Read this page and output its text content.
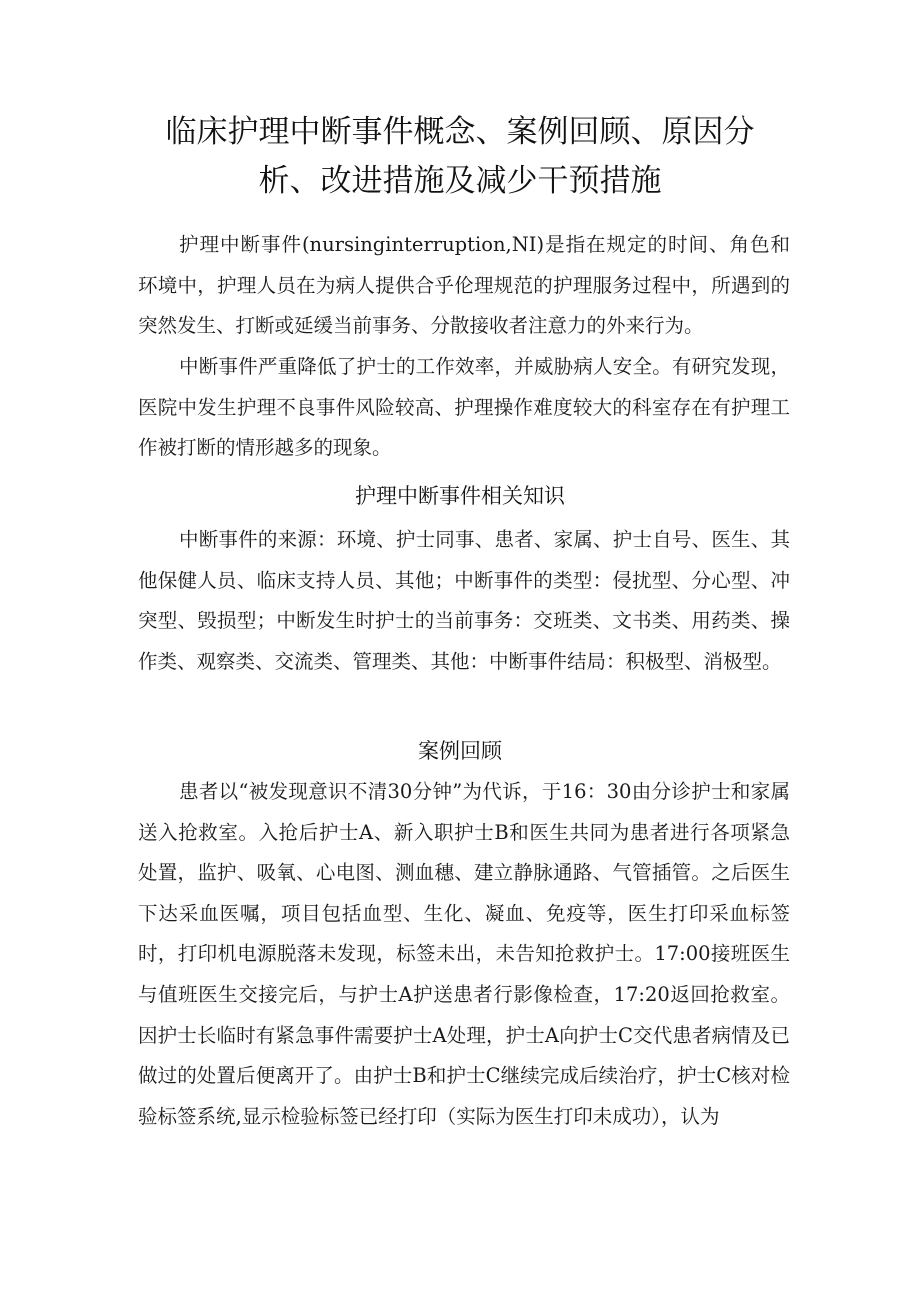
临床护理中断事件概念、案例回顾、原因分
析、改进措施及减少干预措施

护理中断事件(nursinginterruption,NI)是指在规定的时间、角色和环境中，护理人员在为病人提供合乎伦理规范的护理服务过程中，所遇到的突然发生、打断或延缓当前事务、分散接收者注意力的外来行为。

中断事件严重降低了护士的工作效率，并威胁病人安全。有研究发现，医院中发生护理不良事件风险较高、护理操作难度较大的科室存在有护理工作被打断的情形越多的现象。

护理中断事件相关知识

中断事件的来源：环境、护士同事、患者、家属、护士自号、医生、其他保健人员、临床支持人员、其他；中断事件的类型：侵扰型、分心型、冲突型、毁损型；中断发生时护士的当前事务：交班类、文书类、用药类、操作类、观察类、交流类、管理类、其他：中断事件结局：积极型、消极型。

案例回顾

患者以“被发现意识不清30分钟”为代诉，于16：30由分诊护士和家属送入抢救室。入抢后护士A、新入职护士B和医生共同为患者进行各项紧急处置，监护、吸氧、心电图、测血穗、建立静脉通路、气管插管。之后医生下达采血医嘱，项目包括血型、生化、凝血、免疫等，医生打印采血标签时，打印机电源脱落未发现，标签未出，未告知抢救护士。17:00接班医生与值班医生交接完后，与护士A护送患者行影像检查，17:20返回抢救室。因护士长临时有紧急事件需要护士A处理，护士A向护士C交代患者病情及已做过的处置后便离开了。由护士B和护士C继续完成后续治疗，护士C核对检验标签系统,显示检验标签已经打印（实际为医生打印未成功），认为
